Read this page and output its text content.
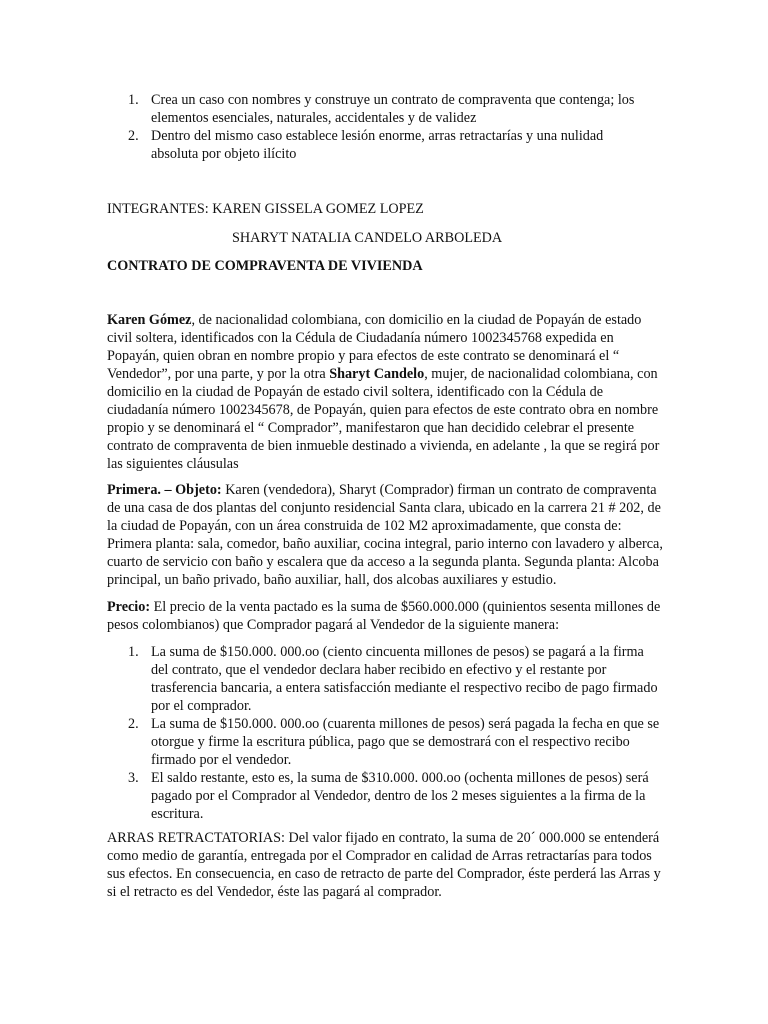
1. Crea un caso con nombres y construye un contrato de compraventa que contenga; los elementos esenciales, naturales, accidentales y de validez
2. Dentro del mismo caso establece lesión enorme, arras retractarías y una nulidad absoluta por objeto ilícito
INTEGRANTES: KAREN GISSELA GOMEZ LOPEZ
SHARYT NATALIA CANDELO ARBOLEDA
CONTRATO DE COMPRAVENTA DE VIVIENDA
Karen Gómez, de nacionalidad colombiana, con domicilio en la ciudad de Popayán de estado civil soltera, identificados con la Cédula de Ciudadanía número 1002345768 expedida en Popayán, quien obran en nombre propio y para efectos de este contrato se denominará el “ Vendedor”, por una parte, y por la otra Sharyt Candelo, mujer, de nacionalidad colombiana, con domicilio en la ciudad de Popayán de estado civil soltera, identificado con la Cédula de ciudadanía número 1002345678, de Popayán, quien para efectos de este contrato obra en nombre propio y se denominará el “ Comprador”, manifestaron que han decidido celebrar el presente contrato de compraventa de bien inmueble destinado a vivienda, en adelante , la que se regirá por las siguientes cláusulas
Primera. – Objeto: Karen (vendedora), Sharyt (Comprador) firman un contrato de compraventa de una casa de dos plantas del conjunto residencial Santa clara, ubicado en la carrera 21 # 202, de la ciudad de Popayán, con un área construida de 102 M2 aproximadamente, que consta de: Primera planta: sala, comedor, baño auxiliar, cocina integral, pario interno con lavadero y alberca, cuarto de servicio con baño y escalera que da acceso a la segunda planta. Segunda planta: Alcoba principal, un baño privado, baño auxiliar, hall, dos alcobas auxiliares y estudio.
Precio: El precio de la venta pactado es la suma de $560.000.000 (quinientos sesenta millones de pesos colombianos) que Comprador pagará al Vendedor de la siguiente manera:
1. La suma de $150.000. 000.oo (ciento cincuenta millones de pesos) se pagará a la firma del contrato, que el vendedor declara haber recibido en efectivo y el restante por trasferencia bancaria, a entera satisfacción mediante el respectivo recibo de pago firmado por el comprador.
2. La suma de $150.000. 000.oo (cuarenta millones de pesos) será pagada la fecha en que se otorgue y firme la escritura pública, pago que se demostrará con el respectivo recibo firmado por el vendedor.
3. El saldo restante, esto es, la suma de $310.000. 000.oo (ochenta millones de pesos) será pagado por el Comprador al Vendedor, dentro de los 2 meses siguientes a la firma de la escritura.
ARRAS RETRACTATORIAS: Del valor fijado en contrato, la suma de 20´ 000.000 se entenderá como medio de garantía, entregada por el Comprador en calidad de Arras retractarías para todos sus efectos. En consecuencia, en caso de retracto de parte del Comprador, éste perderá las Arras y si el retracto es del Vendedor, éste las pagará al comprador.
